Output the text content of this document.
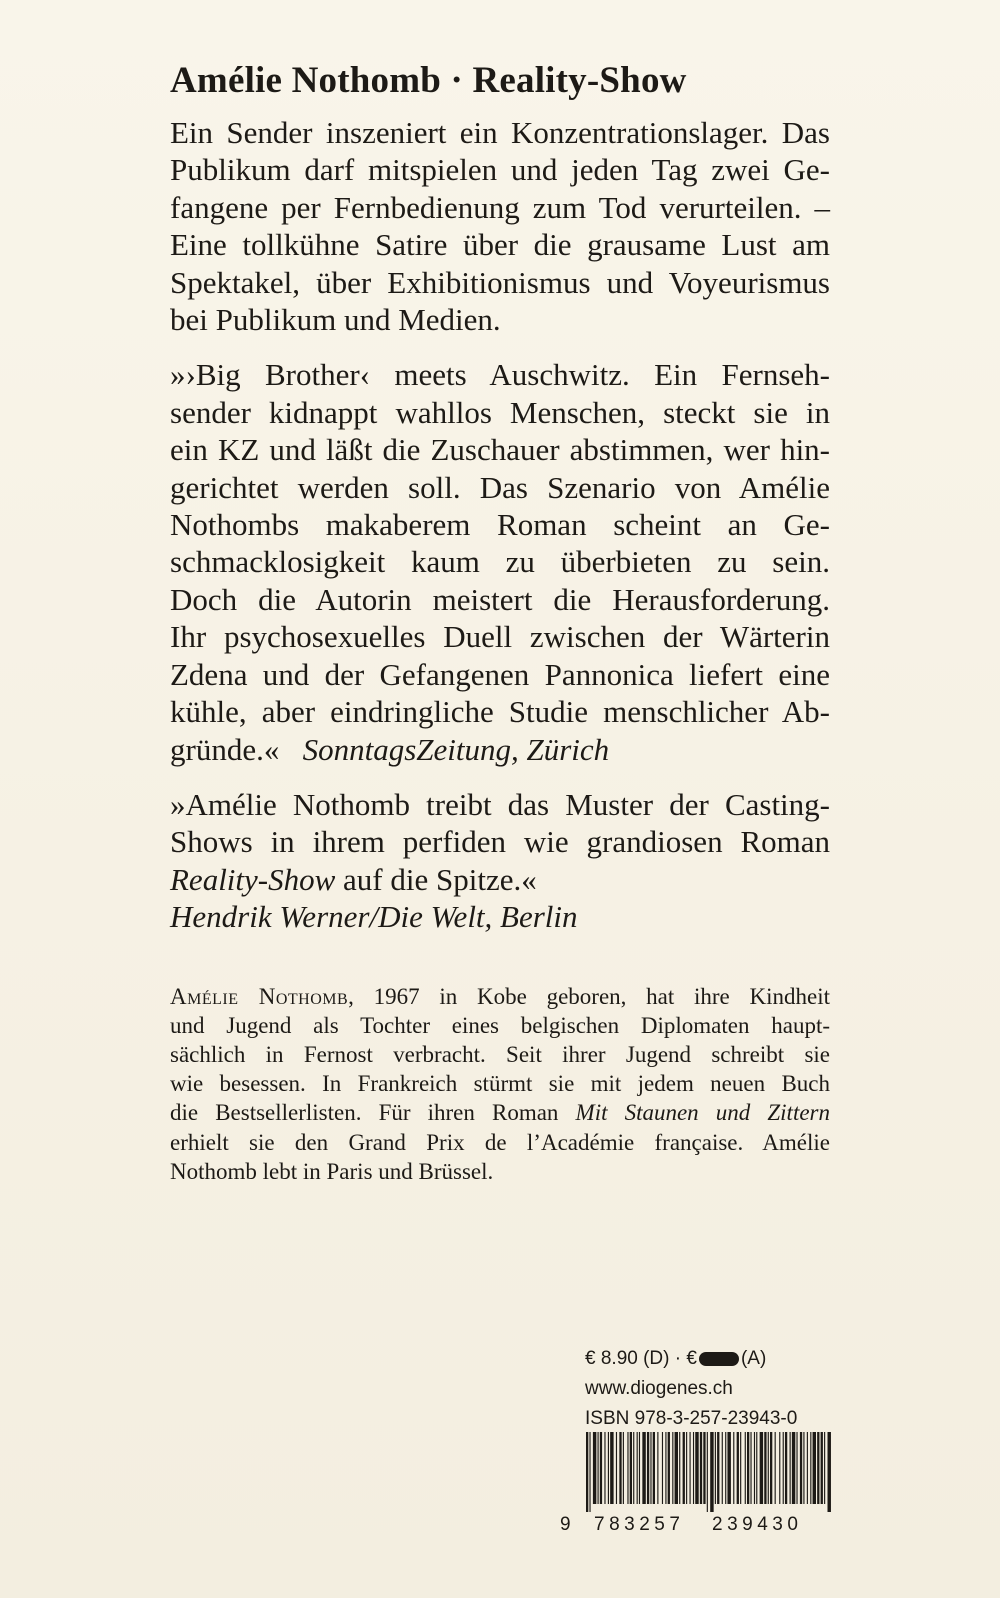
Amélie Nothomb · Reality-Show
Ein Sender inszeniert ein Konzentrationslager. Das
Publikum darf mitspielen und jeden Tag zwei Ge-
fangene per Fernbedienung zum Tod verurteilen. –
Eine tollkühne Satire über die grausame Lust am
Spektakel, über Exhibitionismus und Voyeurismus
bei Publikum und Medien.
»›Big Brother‹ meets Auschwitz. Ein Fernseh-
sender kidnappt wahllos Menschen, steckt sie in
ein KZ und läßt die Zuschauer abstimmen, wer hin-
gerichtet werden soll. Das Szenario von Amélie
Nothombs makaberem Roman scheint an Ge-
schmacklosigkeit kaum zu überbieten zu sein.
Doch die Autorin meistert die Herausforderung.
Ihr psychosexuelles Duell zwischen der Wärterin
Zdena und der Gefangenen Pannonica liefert eine
kühle, aber eindringliche Studie menschlicher Ab-
gründe.« SonntagsZeitung, Zürich
»Amélie Nothomb treibt das Muster der Casting-
Shows in ihrem perfiden wie grandiosen Roman
Reality-Show auf die Spitze.«
Hendrik Werner/Die Welt, Berlin
Amélie Nothomb, 1967 in Kobe geboren, hat ihre Kindheit
und Jugend als Tochter eines belgischen Diplomaten haupt-
sächlich in Fernost verbracht. Seit ihrer Jugend schreibt sie
wie besessen. In Frankreich stürmt sie mit jedem neuen Buch
die Bestsellerlisten. Für ihren Roman Mit Staunen und Zittern
erhielt sie den Grand Prix de l’Académie française. Amélie
Nothomb lebt in Paris und Brüssel.
€ 8.90 (D) · € (A)
www.diogenes.ch
ISBN 978-3-257-23943-0
9 783257 239430
